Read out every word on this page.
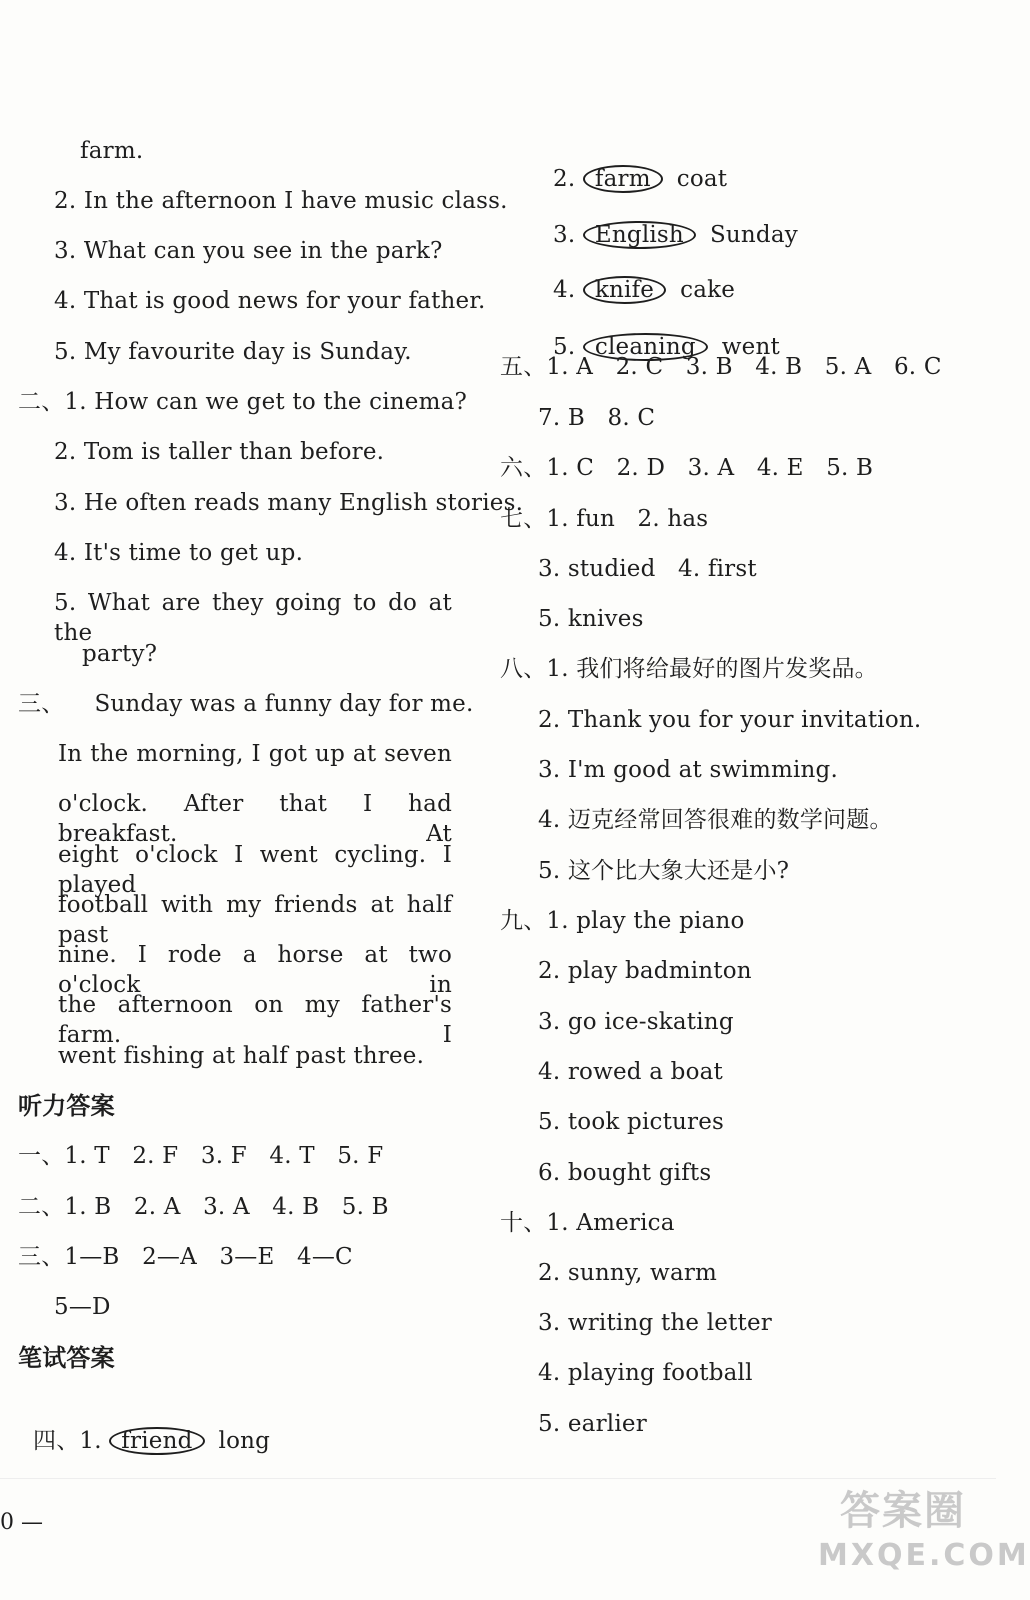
farm.
2. In the afternoon I have music class.
3. What can you see in the park?
4. That is good news for your father.
5. My favourite day is Sunday.
二、1. How can we get to the cinema?
2. Tom is taller than before.
3. He often reads many English stories.
4. It's time to get up.
5. What are they going to do at the
party?
三、    Sunday was a funny day for me.
In the morning, I got up at seven
o'clock. After that I had breakfast. At
eight o'clock I went cycling. I played
football with my friends at half past
nine. I rode a horse at two o'clock in
the afternoon on my father's farm. I
went fishing at half past three.
听力答案
一、1. T   2. F   3. F   4. T   5. F
二、1. B   2. A   3. A   4. B   5. B
三、1—B   2—A   3—E   4—C
5—D
笔试答案

四、1. friend long

2. farm coat

3. English Sunday

4. knife cake

5. cleaning went

五、1. A   2. C   3. B   4. B   5. A   6. C
7. B   8. C
六、1. C   2. D   3. A   4. E   5. B
七、1. fun   2. has
3. studied   4. first
5. knives
八、1. 我们将给最好的图片发奖品。
2. Thank you for your invitation.
3. I'm good at swimming.
4. 迈克经常回答很难的数学问题。
5. 这个比大象大还是小?
九、1. play the piano
2. play badminton
3. go ice-skating
4. rowed a boat
5. took pictures
6. bought gifts
十、1. America
2. sunny, warm
3. writing the letter
4. playing football
5. earlier
0 —	答案圈
MXQE.COM
